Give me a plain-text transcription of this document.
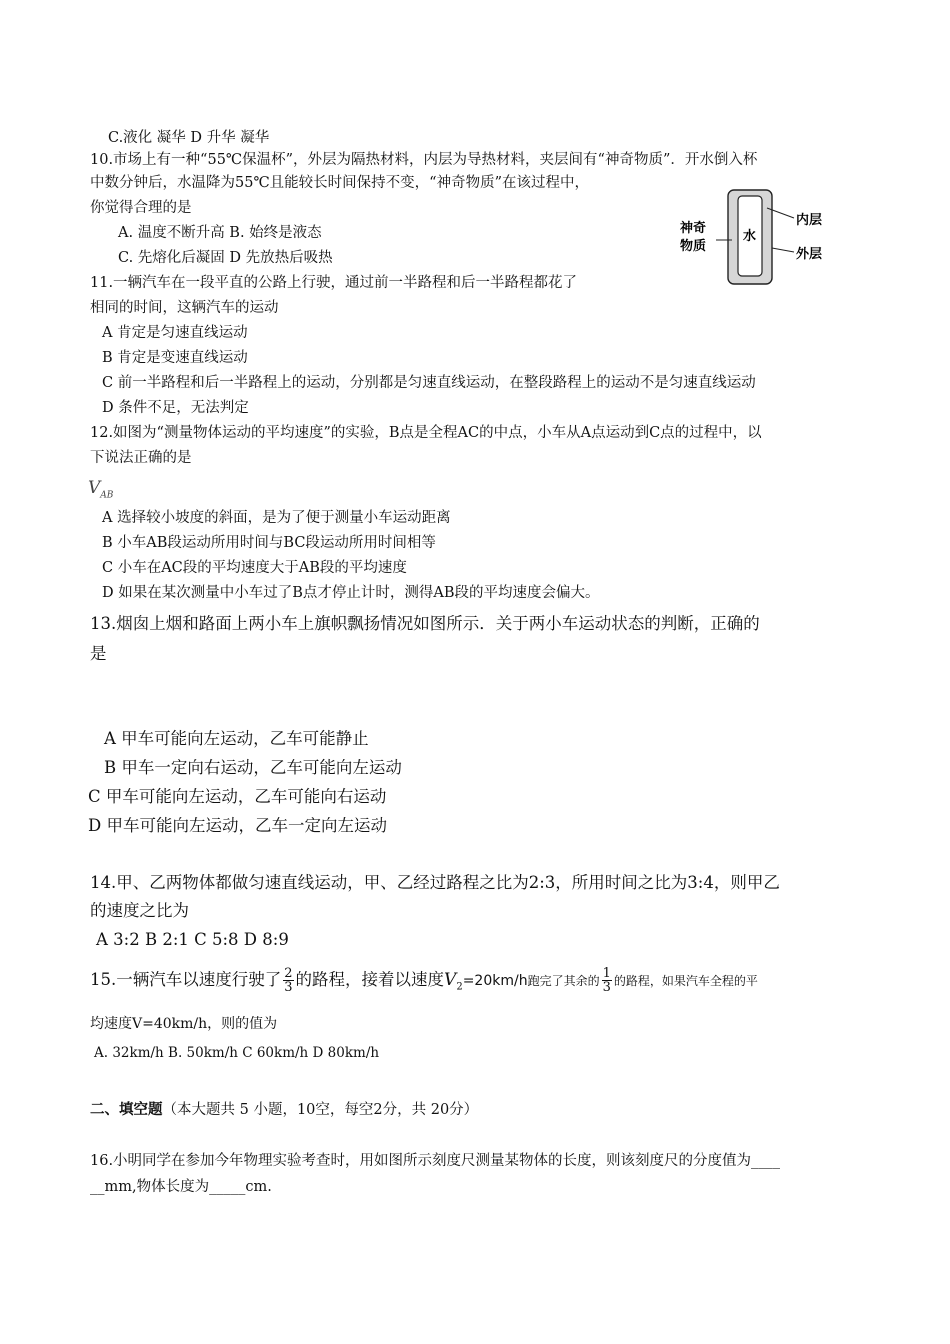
C.液化 凝华 D 升华 凝华
10.市场上有一种“55℃保温杯”，外层为隔热材料，内层为导热材料，夹层间有“神奇物质”．开水倒入杯
中数分钟后，水温降为55℃且能较长时间保持不变，“神奇物质”在该过程中，
你觉得合理的是
A. 温度不断升高 B. 始终是液态
C. 先熔化后凝固 D 先放热后吸热
神奇
物质
水
内层
外层
11.一辆汽车在一段平直的公路上行驶，通过前一半路程和后一半路程都花了
相同的时间，这辆汽车的运动
A 肯定是匀速直线运动
B 肯定是变速直线运动
C 前一半路程和后一半路程上的运动，分别都是匀速直线运动，在整段路程上的运动不是匀速直线运动
D 条件不足，无法判定
12.如图为“测量物体运动的平均速度”的实验，B点是全程AC的中点，小车从A点运动到C点的过程中，以
下说法正确的是
$V_{AB}$
A 选择较小坡度的斜面，是为了便于测量小车运动距离
B 小车AB段运动所用时间与BC段运动所用时间相等
C 小车在AC段的平均速度大于AB段的平均速度
D 如果在某次测量中小车过了B点才停止计时，测得AB段的平均速度会偏大。
13.烟囱上烟和路面上两小车上旗帜飘扬情况如图所示．关于两小车运动状态的判断，正确的
是
A 甲车可能向左运动，乙车可能静止
B 甲车一定向右运动，乙车可能向左运动
C 甲车可能向左运动，乙车可能向右运动
D 甲车可能向左运动，乙车一定向左运动
14.甲、乙两物体都做匀速直线运动，甲、乙经过路程之比为2:3，所用时间之比为3:4，则甲乙
的速度之比为
A 3:2 B 2:1 C 5:8 D 8:9
15.一辆汽车以速度行驶了 $\frac{2}{3}$ 的路程，接着以速度$V_2=20km/h$跑完了其余的 $\frac{1}{3}$ 的路程，如果汽车全程的平
均速度V=40km/h，则的值为
A. 32km/h B. 50km/h C 60km/h D 80km/h
二、填空题（本大题共 5 小题，10空，每空2分，共 20分）
16.小明同学在参加今年物理实验考查时，用如图所示刻度尺测量某物体的长度，则该刻度尺的分度值为____
__mm,物体长度为_____cm.
